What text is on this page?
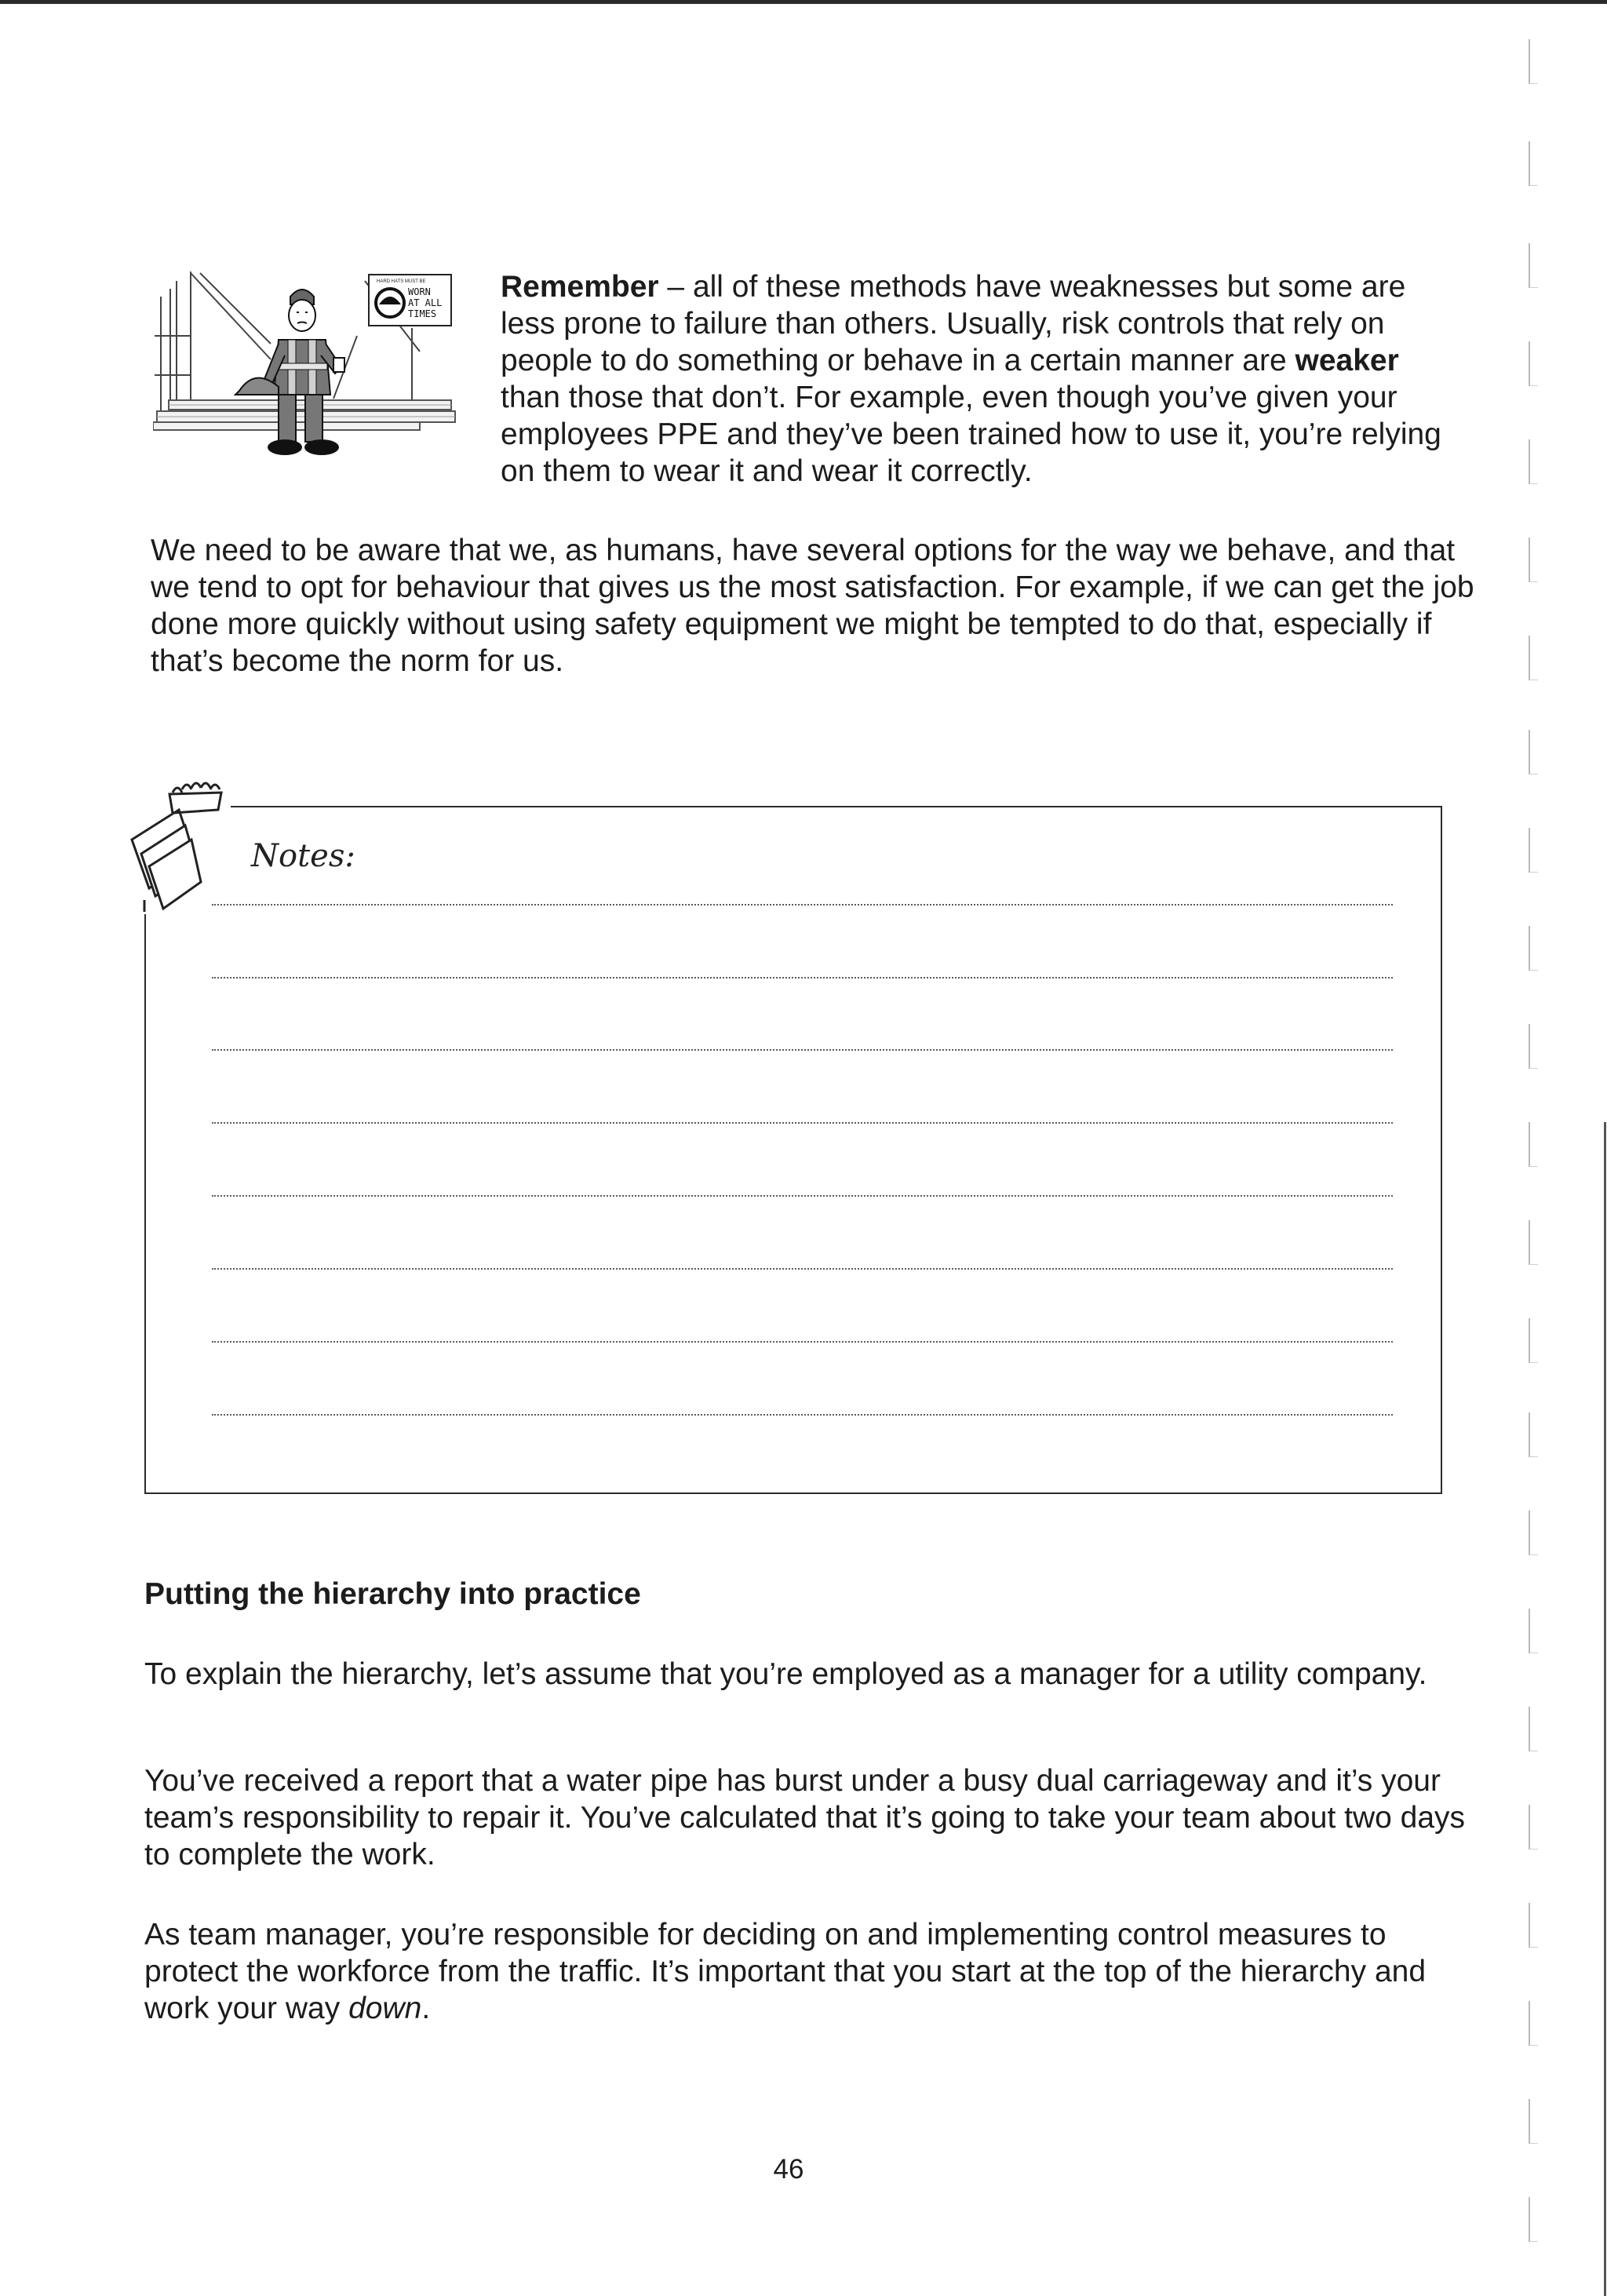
HARD HATS MUST BE
WORN
AT ALL
TIMES

Remember – all of these methods have weaknesses but some are less prone to failure than others. Usually, risk controls that rely on people to do something or behave in a certain manner are weaker than those that don’t. For example, even though you’ve given your employees PPE and they’ve been trained how to use it, you’re relying on them to wear it and wear it correctly.

We need to be aware that we, as humans, have several options for the way we behave, and that we tend to opt for behaviour that gives us the most satisfaction. For example, if we can get the job done more quickly without using safety equipment we might be tempted to do that, especially if that’s become the norm for us.

Notes:
Putting the hierarchy into practice

To explain the hierarchy, let’s assume that you’re employed as a manager for a utility company.

You’ve received a report that a water pipe has burst under a busy dual carriageway and it’s your team’s responsibility to repair it. You’ve calculated that it’s going to take your team about two days to complete the work.

As team manager, you’re responsible for deciding on and implementing control measures to protect the workforce from the traffic. It’s important that you start at the top of the hierarchy and work your way down.

46
